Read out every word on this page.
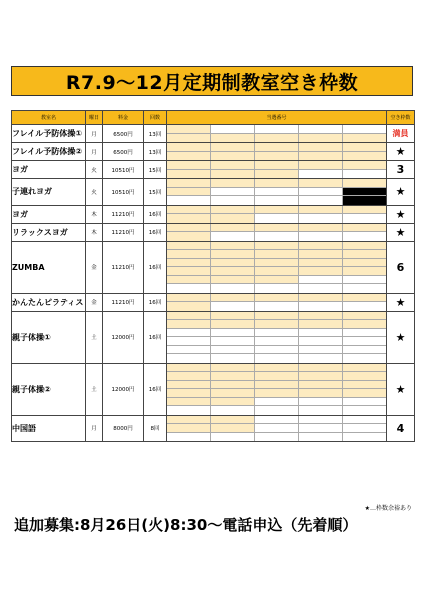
R7.9～12月定期制教室空き枠数
教室名	曜日	料金	回数	当選番号	空き枠数
フレイル予防体操①	月	6500円	13回		満員
フレイル予防体操②	月	6500円	13回		★
ヨガ	火	10510円	15回		3
子連れヨガ	火	10510円	15回		★
ヨガ	木	11210円	16回		★
リラックスヨガ	木	11210円	16回		★
ZUMBA	金	11210円	16回		6
かんたんピラティス	金	11210円	16回		★
親子体操①	土	12000円	16回		★
親子体操②	土	12000円	16回		★
中国語	月	8000円	8回		4
★…枠数余裕あり
追加募集:8月26日(火)8:30～電話申込（先着順）
